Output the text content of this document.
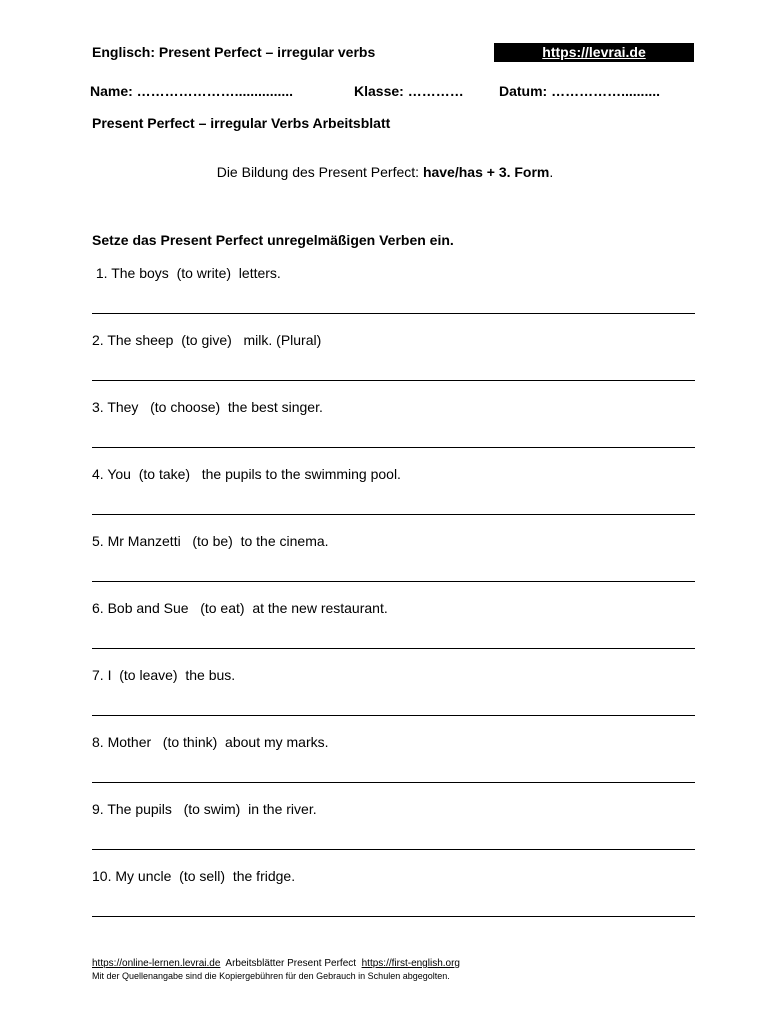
Englisch: Present Perfect – irregular verbs	https://levrai.de
Name: …………………...............	Klasse: …………	Datum: ……………..........
Present Perfect – irregular Verbs Arbeitsblatt
Die Bildung des Present Perfect: have/has + 3. Form.
Setze das Present Perfect unregelmäßigen Verben ein.
1. The boys  (to write)  letters.
2. The sheep  (to give)   milk. (Plural)
3. They   (to choose)  the best singer.
4. You  (to take)   the pupils to the swimming pool.
5. Mr Manzetti   (to be)  to the cinema.
6. Bob and Sue   (to eat)  at the new restaurant.
7. I  (to leave)  the bus.
8. Mother   (to think)  about my marks.
9. The pupils   (to swim)  in the river.
10. My uncle  (to sell)  the fridge.
https://online-lernen.levrai.de  Arbeitsblätter Present Perfect  https://first-english.org
Mit der Quellenangabe sind die Kopiergebühren für den Gebrauch in Schulen abgegolten.
